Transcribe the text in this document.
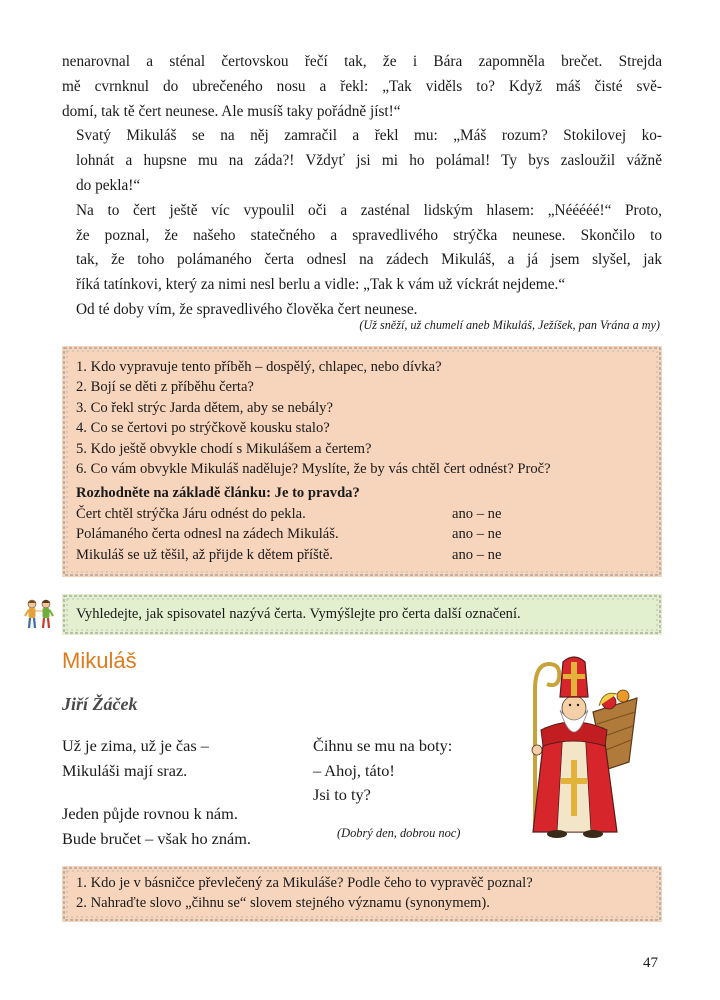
nenarovnal a sténal čertovskou řečí tak, že i Bára zapomněla brečet. Strejda
mě cvrnknul do ubrečeného nosu a řekl: „Tak viděls to? Když máš čisté svě-
domí, tak tě čert neunese. Ale musíš taky pořádně jíst!“

Svatý Mikuláš se na něj zamračil a řekl mu: „Máš rozum? Stokilovej ko-
lohnát a hupsne mu na záda?! Vždyť jsi mi ho polámal! Ty bys zasloužil vážně
do pekla!“

Na to čert ještě víc vypoulil oči a zasténal lidským hlasem: „Nééééé!“ Proto,
že poznal, že našeho statečného a spravedlivého strýčka neunese. Skončilo to
tak, že toho polámaného čerta odnesl na zádech Mikuláš, a já jsem slyšel, jak
říká tatínkovi, který za nimi nesl berlu a vidle: „Tak k vám už víckrát nejdeme.“

Od té doby vím, že spravedlivého člověka čert neunese.

(Už sněží, už chumelí aneb Mikuláš, Ježíšek, pan Vrána a my)
1. Kdo vypravuje tento příběh – dospělý, chlapec, nebo dívka?
2. Bojí se děti z příběhu čerta?
3. Co řekl strýc Jarda dětem, aby se nebály?
4. Co se čertovi po strýčkově kousku stalo?
5. Kdo ještě obvykle chodí s Mikulášem a čertem?
6. Co vám obvykle Mikuláš naděluje? Myslíte, že by vás chtěl čert odnést? Proč?
Rozhodněte na základě článku: Je to pravda?
Čert chtěl strýčka Járu odnést do pekla.	ano – ne
Polámaného čerta odnesl na zádech Mikuláš.	ano – ne
Mikuláš se už těšil, až přijde k dětem příště.	ano – ne
Vyhledejte, jak spisovatel nazývá čerta. Vymýšlejte pro čerta další označení.
Mikuláš
Jiří Žáček
Už je zima, už je čas –
Mikuláši mají sraz.
Jeden půjde rovnou k nám.
Bude bručet – však ho znám.
Čihnu se mu na boty:
– Ahoj, táto!
Jsi to ty?
(Dobrý den, dobrou noc)
1. Kdo je v básničce převlečený za Mikuláše? Podle čeho to vypravěč poznal?
2. Nahraďte slovo „čihnu se“ slovem stejného významu (synonymem).
47
